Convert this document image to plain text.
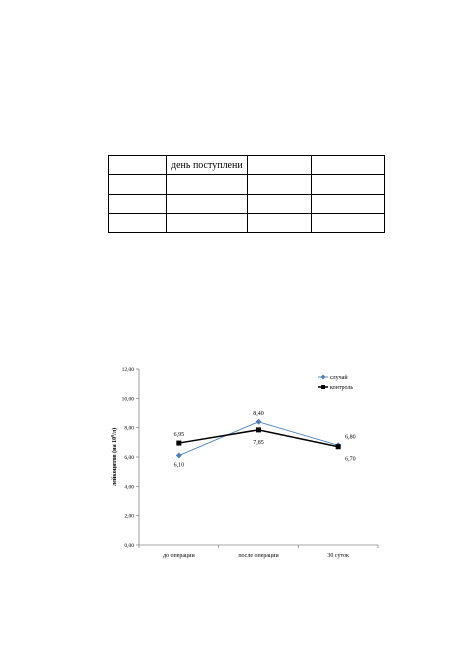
	день поступлени		

0,00
2,00
4,00
6,00
8,00
10,00
12,00
до операции	после операции	30 суток
лейкоцитов (на $10^9/л$)
6,10
8,40
6,80
6,95
7,85
6,70
случай
контроль
